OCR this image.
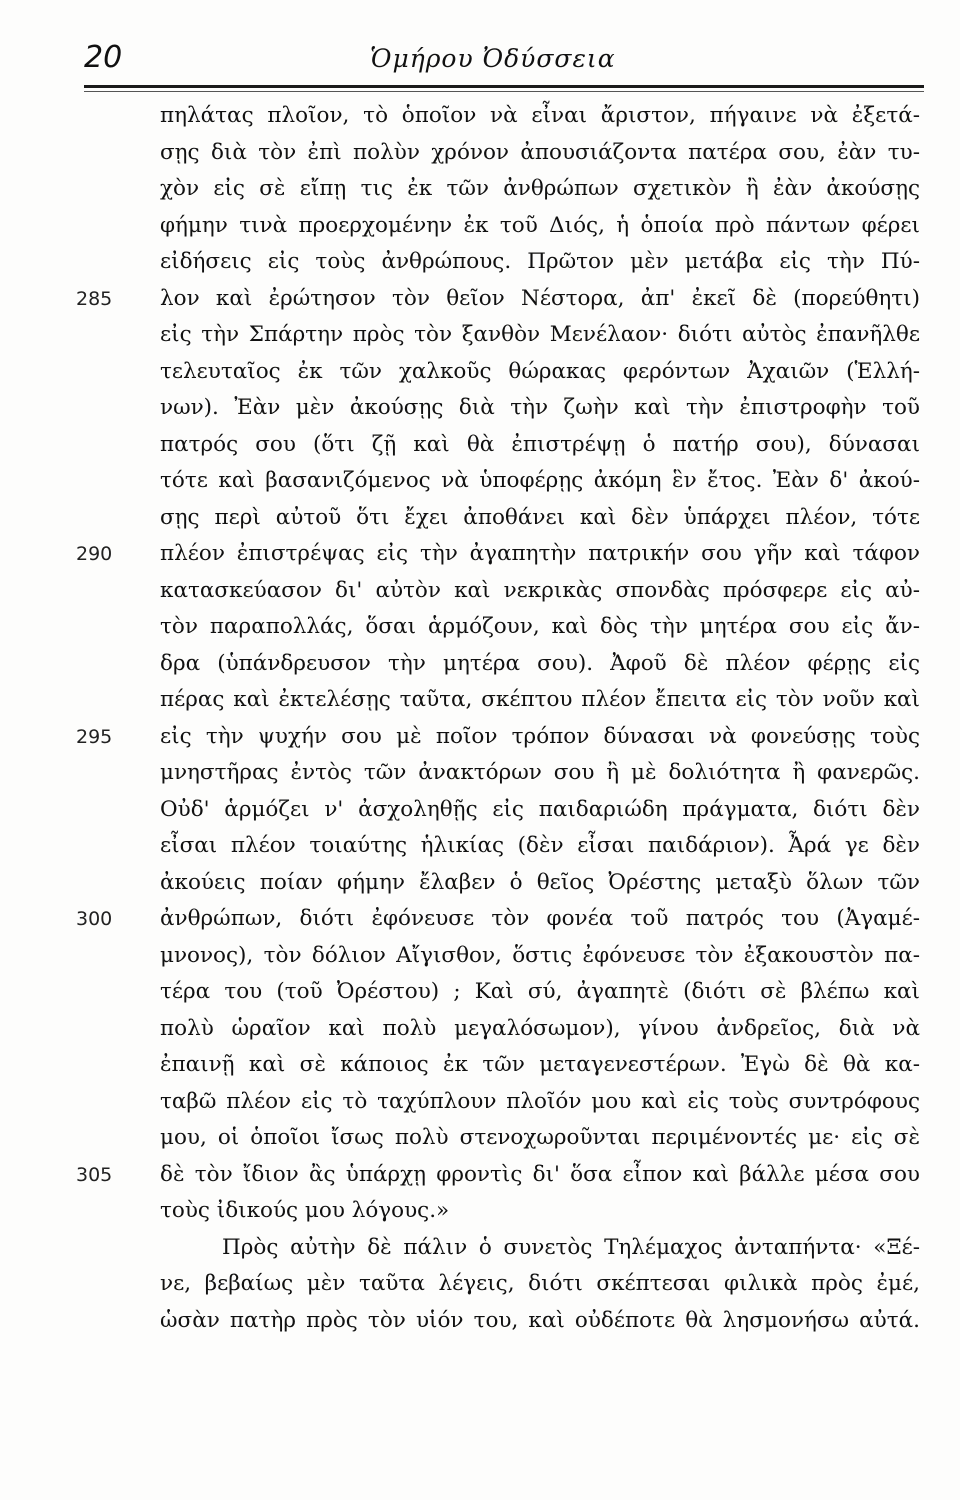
20	Ὁμήρου Ὀδύσσεια
πηλάτας πλοῖον, τὸ ὁποῖον νὰ εἶναι ἄριστον, πήγαινε νὰ ἐξετά-
σῃς διὰ τὸν ἐπὶ πολὺν χρόνον ἀπουσιάζοντα πατέρα σου, ἐὰν τυ-
χὸν εἰς σὲ εἴπῃ τις ἐκ τῶν ἀνθρώπων σχετικὸν ἢ ἐὰν ἀκούσῃς
φήμην τινὰ προερχομένην ἐκ τοῦ Διός, ἡ ὁποία πρὸ πάντων φέρει
εἰδήσεις εἰς τοὺς ἀνθρώπους. Πρῶτον μὲν μετάβα εἰς τὴν Πύ-
285	λον καὶ ἐρώτησον τὸν θεῖον Νέστορα, ἀπ' ἐκεῖ δὲ (πορεύθητι)
εἰς τὴν Σπάρτην πρὸς τὸν ξανθὸν Μενέλαον· διότι αὐτὸς ἐπανῆλθε
τελευταῖος ἐκ τῶν χαλκοῦς θώρακας φερόντων Ἀχαιῶν (Ἑλλή-
νων). Ἐὰν μὲν ἀκούσῃς διὰ τὴν ζωὴν καὶ τὴν ἐπιστροφὴν τοῦ
πατρός σου (ὅτι ζῇ καὶ θὰ ἐπιστρέψῃ ὁ πατήρ σου), δύνασαι
τότε καὶ βασανιζόμενος νὰ ὑποφέρῃς ἀκόμη ἓν ἔτος. Ἐὰν δ' ἀκού-
σῃς περὶ αὐτοῦ ὅτι ἔχει ἀποθάνει καὶ δὲν ὑπάρχει πλέον, τότε
290	πλέον ἐπιστρέψας εἰς τὴν ἀγαπητὴν πατρικήν σου γῆν καὶ τάφον
κατασκεύασον δι' αὐτὸν καὶ νεκρικὰς σπονδὰς πρόσφερε εἰς αὐ-
τὸν παραπολλάς, ὅσαι ἁρμόζουν, καὶ δὸς τὴν μητέρα σου εἰς ἄν-
δρα (ὑπάνδρευσον τὴν μητέρα σου). Ἀφοῦ δὲ πλέον φέρῃς εἰς
πέρας καὶ ἐκτελέσῃς ταῦτα, σκέπτου πλέον ἔπειτα εἰς τὸν νοῦν καὶ
295	εἰς τὴν ψυχήν σου μὲ ποῖον τρόπον δύνασαι νὰ φονεύσῃς τοὺς
μνηστῆρας ἐντὸς τῶν ἀνακτόρων σου ἢ μὲ δολιότητα ἢ φανερῶς.
Οὐδ' ἁρμόζει ν' ἀσχοληθῇς εἰς παιδαριώδη πράγματα, διότι δὲν
εἶσαι πλέον τοιαύτης ἡλικίας (δὲν εἶσαι παιδάριον). Ἆρά γε δὲν
ἀκούεις ποίαν φήμην ἔλαβεν ὁ θεῖος Ὀρέστης μεταξὺ ὅλων τῶν
300	ἀνθρώπων, διότι ἐφόνευσε τὸν φονέα τοῦ πατρός του (Ἀγαμέ-
μνονος), τὸν δόλιον Αἴγισθον, ὅστις ἐφόνευσε τὸν ἐξακουστὸν πα-
τέρα του (τοῦ Ὀρέστου) ; Καὶ σύ, ἀγαπητὲ (διότι σὲ βλέπω καὶ
πολὺ ὡραῖον καὶ πολὺ μεγαλόσωμον), γίνου ἀνδρεῖος, διὰ νὰ
ἐπαινῇ καὶ σὲ κάποιος ἐκ τῶν μεταγενεστέρων. Ἐγὼ δὲ θὰ κα-
ταβῶ πλέον εἰς τὸ ταχύπλουν πλοῖόν μου καὶ εἰς τοὺς συντρόφους
μου, οἱ ὁποῖοι ἴσως πολὺ στενοχωροῦνται περιμένοντές με· εἰς σὲ
305	δὲ τὸν ἴδιον ἂς ὑπάρχῃ φροντὶς δι' ὅσα εἶπον καὶ βάλλε μέσα σου
τοὺς ἰδικούς μου λόγους.»
Πρὸς αὐτὴν δὲ πάλιν ὁ συνετὸς Τηλέμαχος ἀνταπήντα· «Ξέ-
νε, βεβαίως μὲν ταῦτα λέγεις, διότι σκέπτεσαι φιλικὰ πρὸς ἐμέ,
ὡσὰν πατὴρ πρὸς τὸν υἱόν του, καὶ οὐδέποτε θὰ λησμονήσω αὐτά.
